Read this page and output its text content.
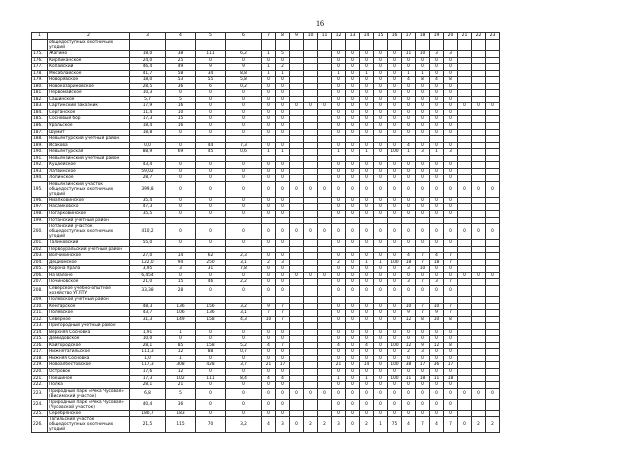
16
1	2	3	4	5	6	7	8	9	10	11	12	13	14	15	16	17	18	19	20	21	22	23
	общедоступных охотничьих угодий																					
175.	Жагимо	18,0	38	111	6,2	1	5				0	0	0	0	0	11	10	3	3			
176.	Кирпиканское	24,0	25	0	0	0	0				0	0	0	0	0	0	0	0	0			
177.	Копайский	46,4	49	9	9	1	2				0	0	0	0	0	0	0	0	0			
178.	Месаблайское	41,7	58	34	8,8	1	1				1	0	1	0	0	1	1	0	0			
179.	Новорявское	18,0	53	55	5,8	0	0				0	0	0	0	0	4	8	4	8			
180.	Новокозариновское	28,5	36	6	0,2	0	0				0	0	0	0	0	0	0	0	0			
181.	Первомайское	10,3	0	0	0	0	0				0	0	0	0	0	0	0	0	0			
182.	Сашинское	5,7	5	0	0	0	0				0	0	0	0	0	0	0	0	0			
183.	Сартинский заказник	17,9	16	0	0	0	0	0	0	0	0	0	0	0	0	0	0	0	0	0	0	0
184.	Серганское	11,4	10	0	0	0	0				0	0	0	0	0	0	0	0	0			
185.	Сосновый бор	17,3	15	0	0	0	0				0	0	0	0	0	0	0	0	0			
186.	Уральское	18,4	16	0	0	0	0				0	0	0	0	0	0	0	0	0			
187.	Шумит	18,8	0	0	0	0	0				0	0	0	0	0	0	0	0	0			
188.	Невьянтурский учетный район																					
189.	Исакова	0,0	0	44	7,3	0	0				0	0	0	0	0	4	0	0	0			
190.	Невьянтурская	88,9	69	45	0,6	1	1				1	0	1	0	100	1	3	1	3			
191.	Невьянзинский учетный район																					
192.	Куцаейское	43,4	0	0	0	0	0				0	0	0	0	0	0	0	0	0			
193.	Латвинское	59,02	0	0	0	0	0				0	0	0	0	0	0	0	0	0			
194.	Лопинское	28,7	0	0	0	0	0				0	0	0	0	0	0	0	0	0			
195.	Невьянзинский участок общедоступных охотничьих угодий	399,8	0	0	0	0	0	0	0	0	0	0	0	0	0	0	0	0	0	0	0	0
196.	Ниапковинское	35,4	0	0	0	0	0				0	0	0	0	0	0	0	0	0			
197.	Насамковско	47,3	0	0	0	0	0				0	0	0	0	0	0	0	0	0			
198.	Погарковинское	35,5	0	0	0	0	0				0	0	0	0	0	0	0	0	0			
199.	Потанский учетный район																					
200.	Потанский участок общедоступных охотничьих угодий	410,2	0	0	0	0	0	0	0	0	0	0	0	0	0	0	0	0	0	0	0	0
201.	Талиновский	55,0	0	0	0	0	0				0	0	0	0	0	0	0	0	0			
202.	Первоуральский учетный район																					
203.	Волчихинское	27,0	14	62	2,3	0	0				0	0	0	0	0	4	7	4	7			
204.	Дециомское	122,0	94	250	3,1	2	3				2	0	1	1	100	18	7	18	7			
205.	Корона Урала	3,95	3	31	7,8	0	0				0	0	0	0	0	3	10	0	0			
206.	На Валоне	6,454	0	0	0	0	0	0	0	0	0	0	0	0	0	0	0	0	0	0	0	0
207.	Починовское	21,0	15	46	2,2	0	0				0	0	0	0	0	3	7	3	7			
208.	Северское учебно-опытное хозяйство УГЛТУ	33,38	28	0	0	0	0				0	0	0	0	0	0	0	0	0			
209.	Полевской учетный район																					
210.	Кенгарское	48,3	136	156	3,2	9	7				0	0	0	0	0	10	7	10	7			
211.	Полевское	43,7	106	136	3,1	7	7				0	0	0	0	0	9	7	9	7			
212.	Северное	31,3	149	158	4,3	10	7				0	0	0	0	0	12	8	10	8			
213.	Пригородный учетный район																					
214.	Верхняя Сосновка	1,91	1	0	0	0	0				0	0	0	0	0	0	0	0	0			
215.	Демидовское	10,0	0	0	0	0	0				0	0	0	0	0	0	0	0	0			
216.	Кайгородское	28,1	85	158	5,2	4	7				4	0	4	0	100	12	9	12	8			
217.	Нижнетагильское	111,3	12	88	0,7	0	0				0	0	0	0	0	2	3	0	0			
218.	Нижняя Сосновка	1,0	1	0	0	0	0				0	0	0	0	0	0	0	0	0			
219.	Новоалбестовское	117,3	308	428	3,7	21	17				21	0	14	0	100	38	17	36	17			
220.	Островок	17,6	12	0	0	0	0				0	0	0	0	0	0	0	0	0			
221.	Покшиное	17,3	102	111	8,4	4	4				1	0	1	0	100	11	18	11	18			
222.	Полка	28,1	21	0	0	0	0				0	0	0	0	0	0	0	0	0			
223.	Природный парк «Река Чусовая» (Висимский участок)	6,8	5	0	0	0	0	0	0	0	0	0	0	0	0	0	0	0	0	0	0	0
224.	Природный парк «Река Чусовая» (Чусовской участок)	40,4	36	0	0	0	0				0	0	0	0	0	0	0	0	0			
225.	Серебрянское	180,7	183	0	0	0	0				0	0	0	0	0	0	0	0	0			
226.	Тагильский участок общедоступных охотничьих угодий	21,5	115	70	3,2	4	3	0	2	2	3	0	2	1	75	4	7	4	7	0	2	2
